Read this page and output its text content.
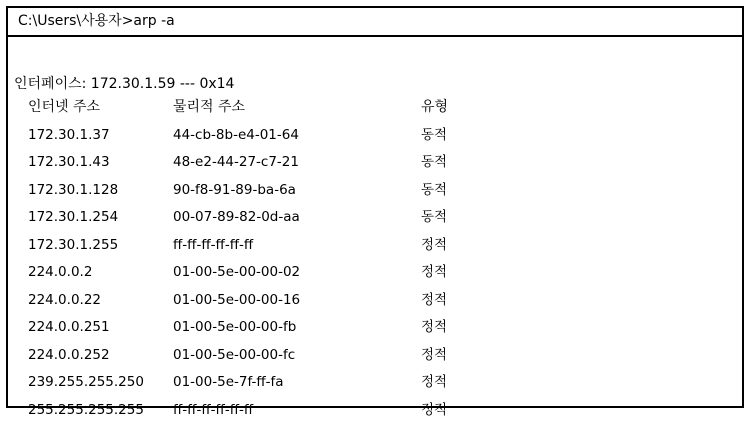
C:\Users\사용자>arp -a
인터페이스: 172.30.1.59 --- 0x14
인터넷 주소	물리적 주소	유형
172.30.1.37	44-cb-8b-e4-01-64	동적
172.30.1.43	48-e2-44-27-c7-21	동적
172.30.1.128	90-f8-91-89-ba-6a	동적
172.30.1.254	00-07-89-82-0d-aa	동적
172.30.1.255	ff-ff-ff-ff-ff-ff	정적
224.0.0.2	01-00-5e-00-00-02	정적
224.0.0.22	01-00-5e-00-00-16	정적
224.0.0.251	01-00-5e-00-00-fb	정적
224.0.0.252	01-00-5e-00-00-fc	정적
239.255.255.250 01-00-5e-7f-ff-fa	정적
255.255.255.255 ff-ff-ff-ff-ff-ff	정적
